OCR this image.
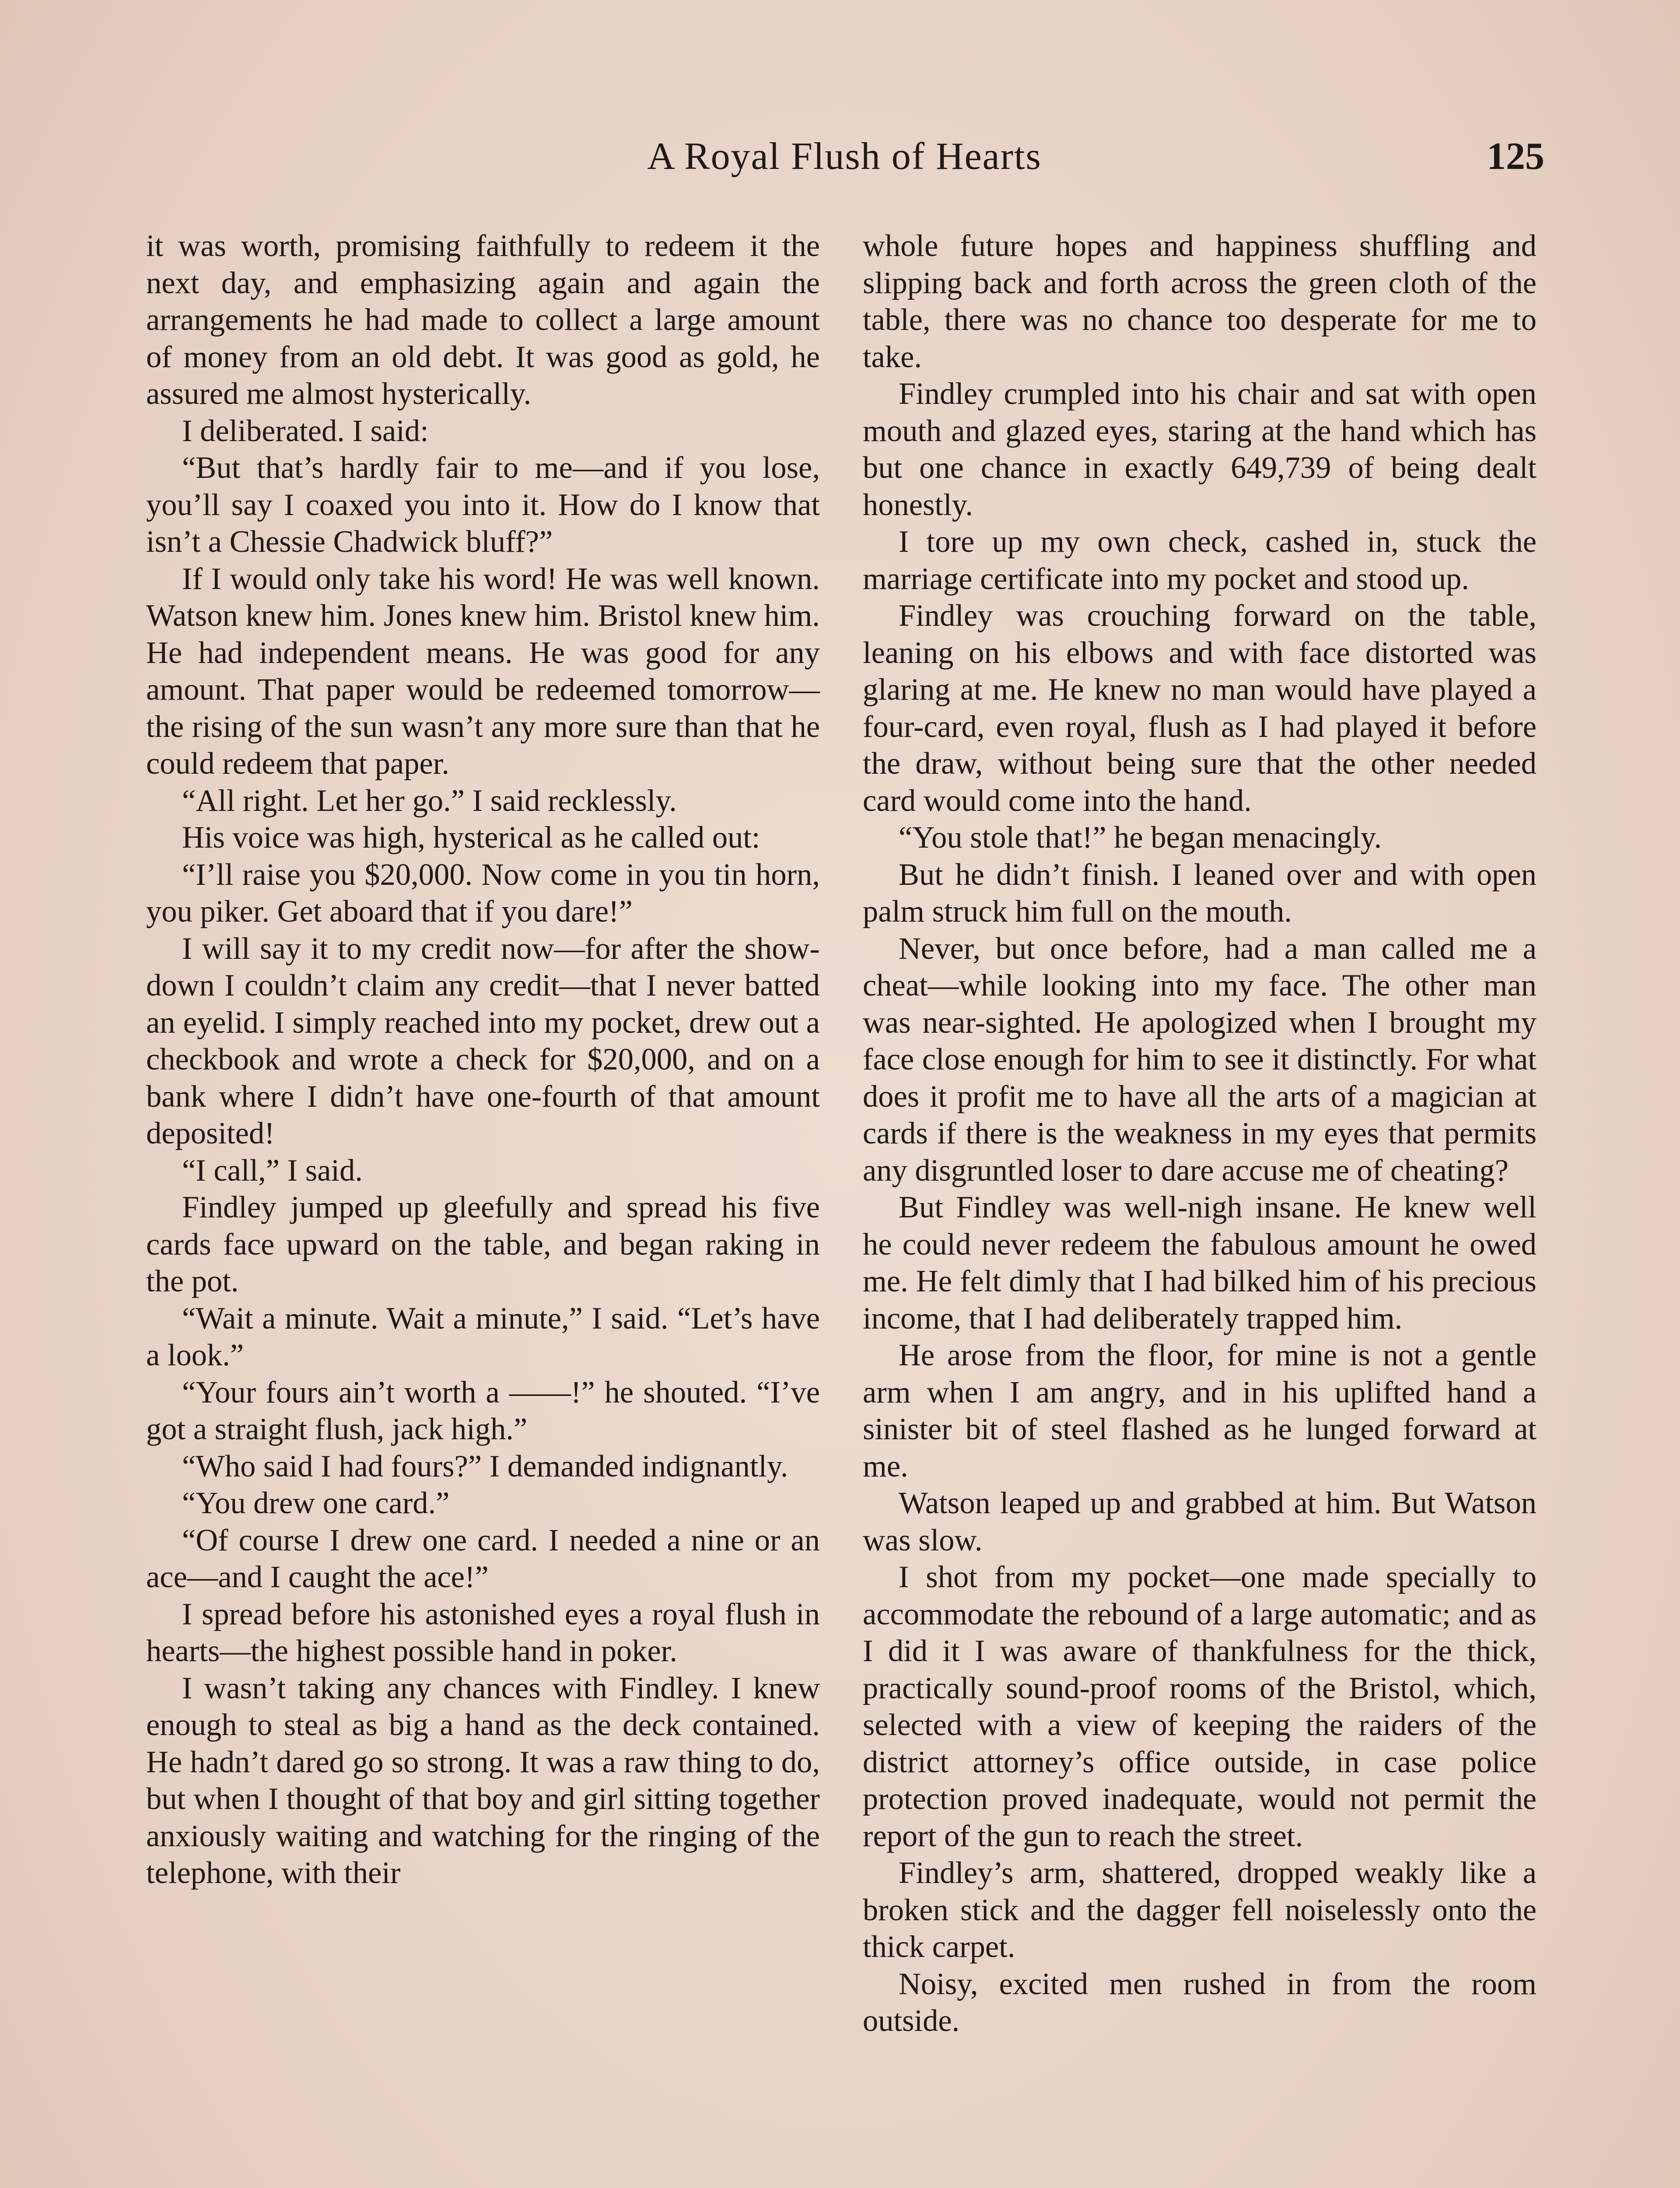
A Royal Flush of Hearts	125

it was worth, promising faithfully to redeem it the next day, and emphasizing again and again the arrangements he had made to collect a large amount of money from an old debt. It was good as gold, he assured me almost hysterically.

I deliberated. I said:

“But that’s hardly fair to me—and if you lose, you’ll say I coaxed you into it. How do I know that isn’t a Chessie Chadwick bluff?”

If I would only take his word! He was well known. Watson knew him. Jones knew him. Bristol knew him. He had independent means. He was good for any amount. That paper would be redeemed tomorrow—the rising of the sun wasn’t any more sure than that he could redeem that paper.

“All right. Let her go.” I said recklessly.

His voice was high, hysterical as he called out:

“I’ll raise you $20,000. Now come in you tin horn, you piker. Get aboard that if you dare!”

I will say it to my credit now—for after the show-down I couldn’t claim any credit—that I never batted an eyelid. I simply reached into my pocket, drew out a checkbook and wrote a check for $20,000, and on a bank where I didn’t have one-fourth of that amount deposited!

“I call,” I said.

Findley jumped up gleefully and spread his five cards face upward on the table, and began raking in the pot.

“Wait a minute. Wait a minute,” I said. “Let’s have a look.”

“Your fours ain’t worth a ——!” he shouted. “I’ve got a straight flush, jack high.”

“Who said I had fours?” I demanded indignantly.

“You drew one card.”

“Of course I drew one card. I needed a nine or an ace—and I caught the ace!”

I spread before his astonished eyes a royal flush in hearts—the highest possible hand in poker.

I wasn’t taking any chances with Findley. I knew enough to steal as big a hand as the deck contained. He hadn’t dared go so strong. It was a raw thing to do, but when I thought of that boy and girl sitting together anxiously waiting and watching for the ringing of the telephone, with their

whole future hopes and happiness shuffling and slipping back and forth across the green cloth of the table, there was no chance too desperate for me to take.

Findley crumpled into his chair and sat with open mouth and glazed eyes, staring at the hand which has but one chance in exactly 649,739 of being dealt honestly.

I tore up my own check, cashed in, stuck the marriage certificate into my pocket and stood up.

Findley was crouching forward on the table, leaning on his elbows and with face distorted was glaring at me. He knew no man would have played a four-card, even royal, flush as I had played it before the draw, without being sure that the other needed card would come into the hand.

“You stole that!” he began menacingly.

But he didn’t finish. I leaned over and with open palm struck him full on the mouth.

Never, but once before, had a man called me a cheat—while looking into my face. The other man was near-sighted. He apologized when I brought my face close enough for him to see it distinctly. For what does it profit me to have all the arts of a magician at cards if there is the weakness in my eyes that permits any disgruntled loser to dare accuse me of cheating?

But Findley was well-nigh insane. He knew well he could never redeem the fabulous amount he owed me. He felt dimly that I had bilked him of his precious income, that I had deliberately trapped him.

He arose from the floor, for mine is not a gentle arm when I am angry, and in his uplifted hand a sinister bit of steel flashed as he lunged forward at me.

Watson leaped up and grabbed at him. But Watson was slow.

I shot from my pocket—one made specially to accommodate the rebound of a large automatic; and as I did it I was aware of thankfulness for the thick, practically sound-proof rooms of the Bristol, which, selected with a view of keeping the raiders of the district attorney’s office outside, in case police protection proved inadequate, would not permit the report of the gun to reach the street.

Findley’s arm, shattered, dropped weakly like a broken stick and the dagger fell noiselessly onto the thick carpet.

Noisy, excited men rushed in from the room outside.
